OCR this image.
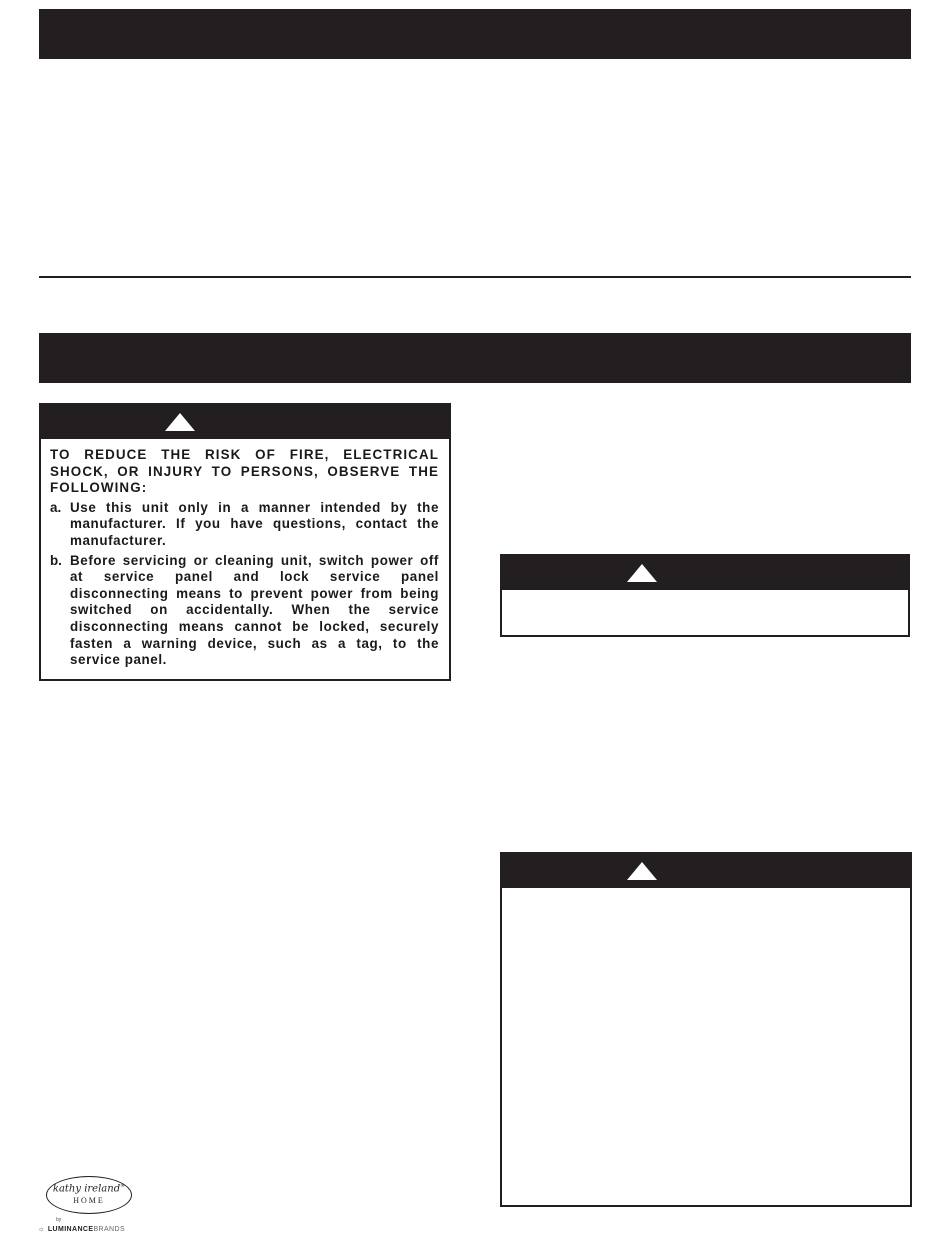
TO REDUCE THE RISK OF FIRE, ELECTRICAL SHOCK, OR INJURY TO PERSONS, OBSERVE THE FOLLOWING:

a. Use this unit only in a manner intended by the manufacturer. If you have questions, contact the manufacturer.
b. Before servicing or cleaning unit, switch power off at service panel and lock service panel disconnecting means to prevent power from being switched on accidentally. When the service disconnecting means cannot be locked, securely fasten a warning device, such as a tag, to the service panel.
kathy ireland®
HOME
by
☼ LUMINANCEBRANDS
